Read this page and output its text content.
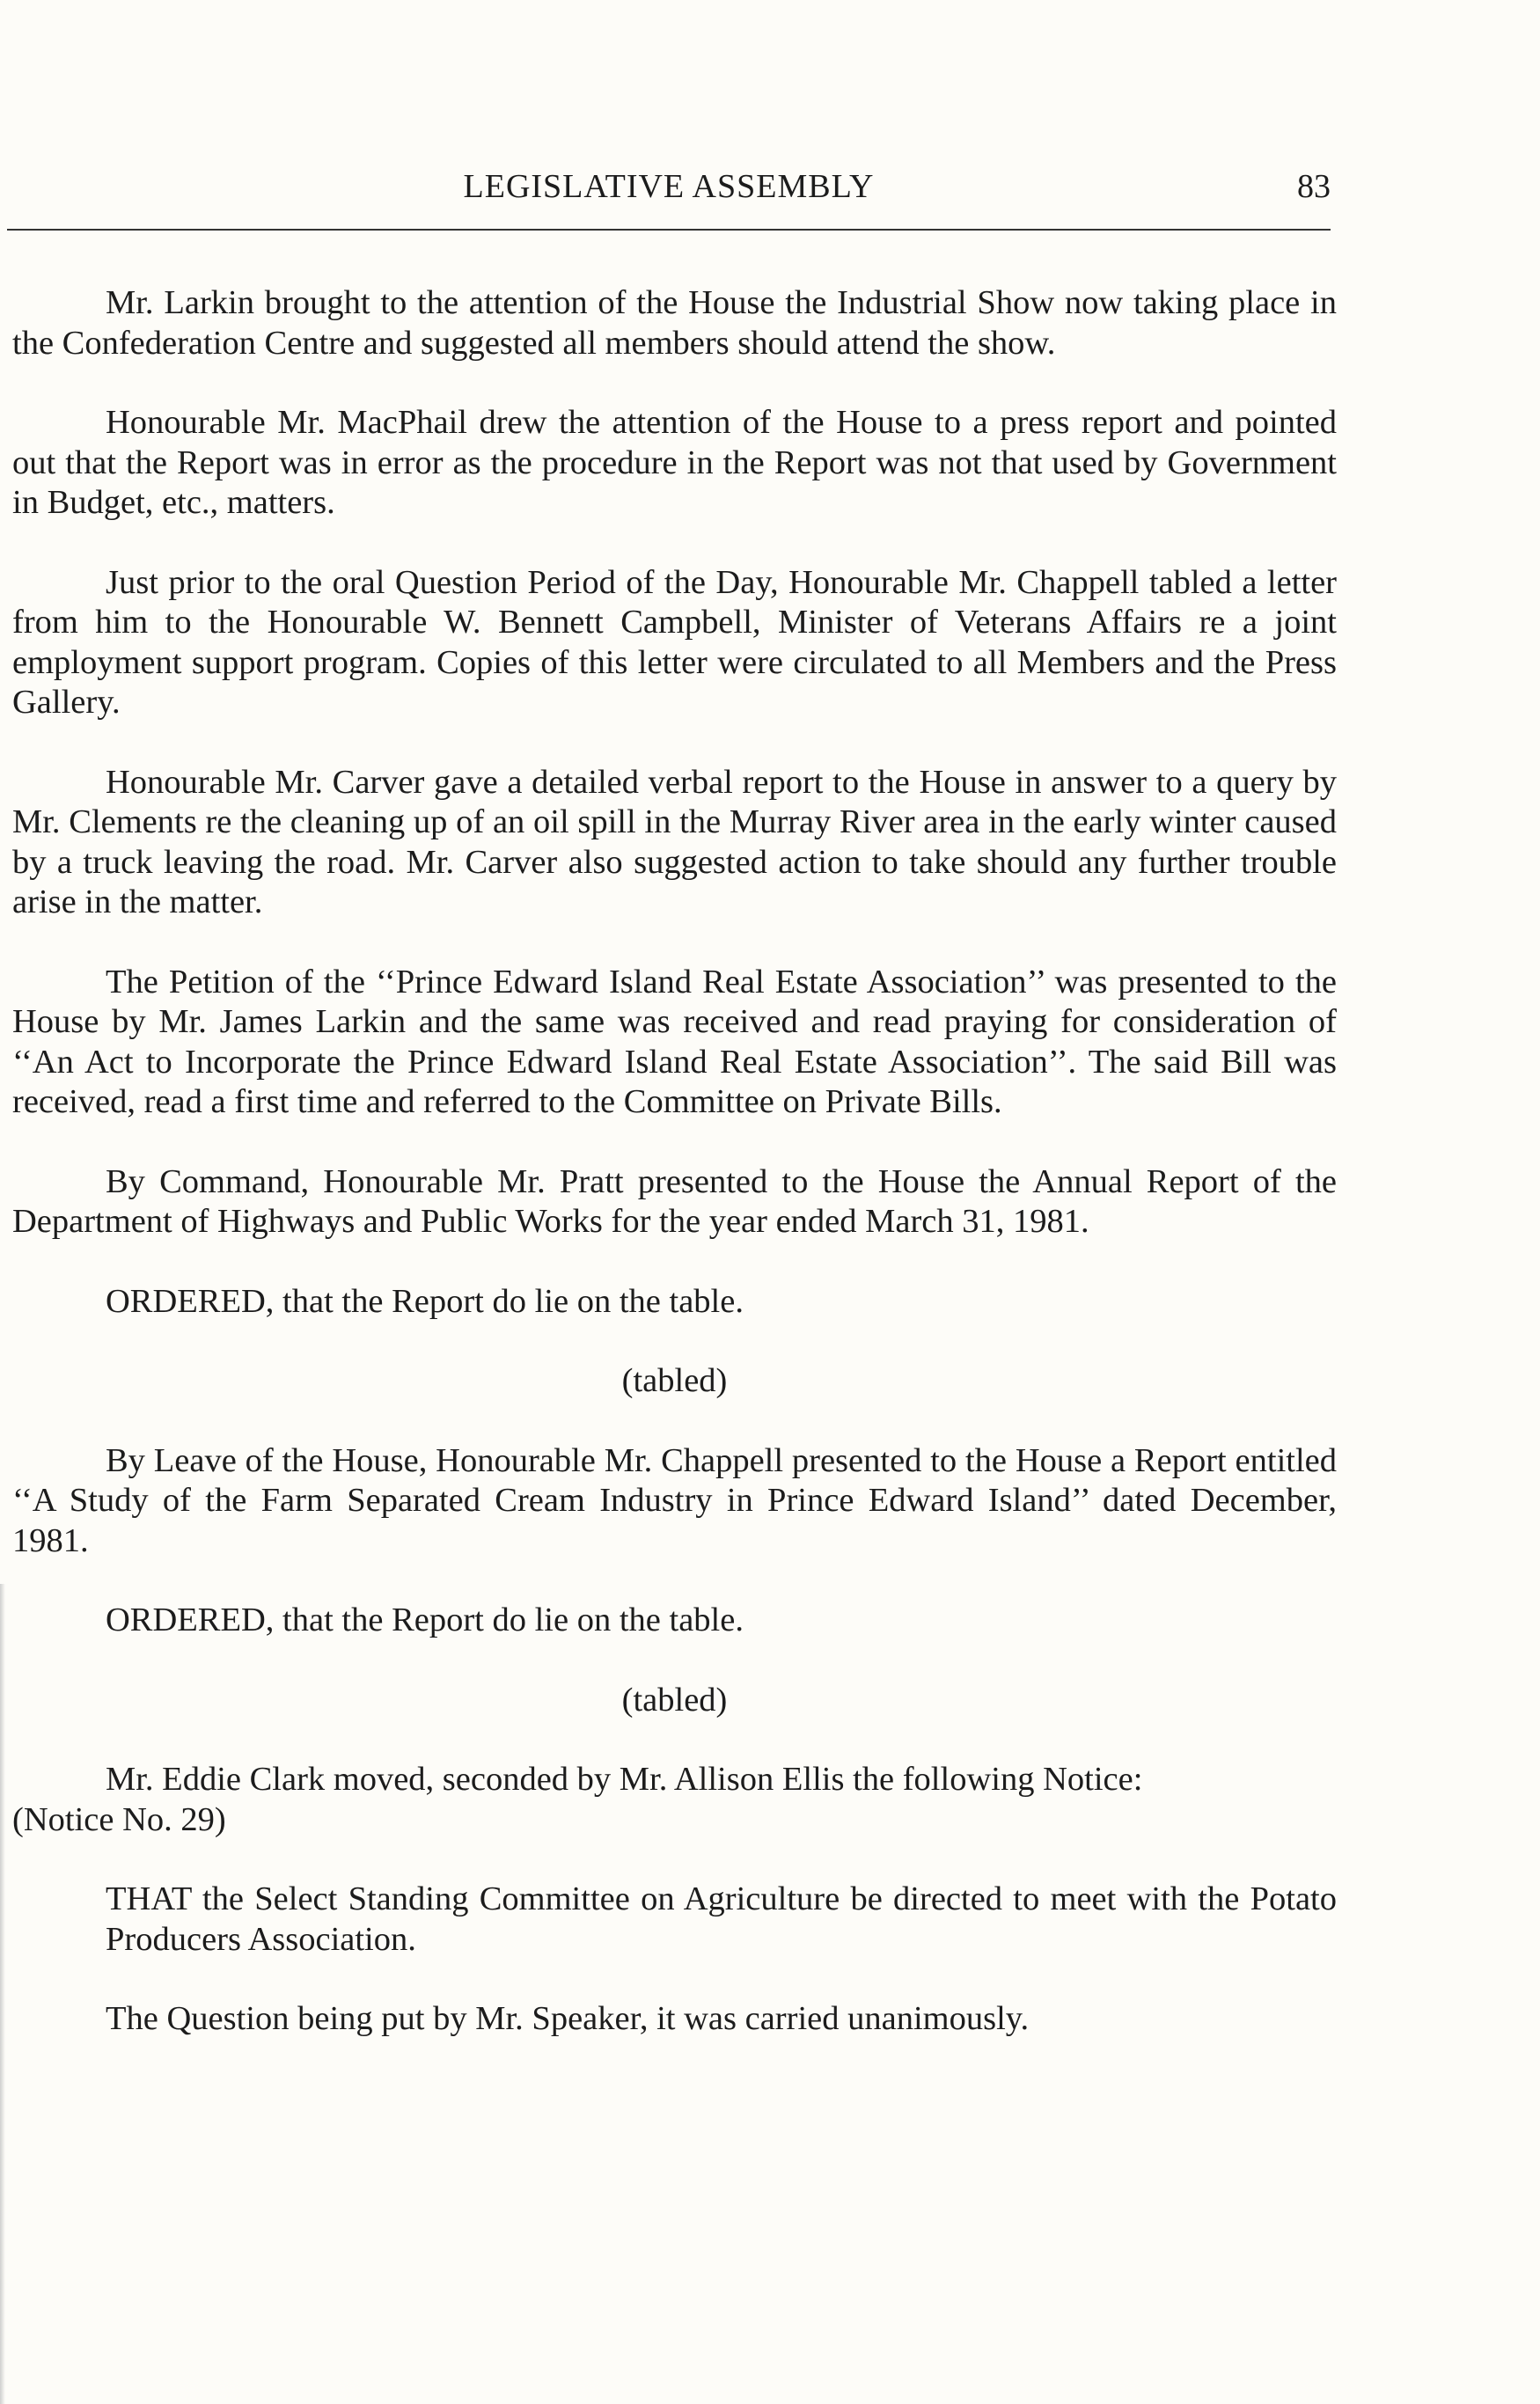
LEGISLATIVE ASSEMBLY	83

Mr. Larkin brought to the attention of the House the Industrial Show now taking place in the Confederation Centre and suggested all members should attend the show.

Honourable Mr. MacPhail drew the attention of the House to a press report and pointed out that the Report was in error as the procedure in the Report was not that used by Government in Budget, etc., matters.

Just prior to the oral Question Period of the Day, Honourable Mr. Chappell tabled a letter from him to the Honourable W. Bennett Campbell, Minister of Veterans Affairs re a joint employment support program. Copies of this letter were circulated to all Members and the Press Gallery.

Honourable Mr. Carver gave a detailed verbal report to the House in answer to a query by Mr. Clements re the cleaning up of an oil spill in the Murray River area in the early winter caused by a truck leaving the road. Mr. Carver also suggested action to take should any further trouble arise in the matter.

The Petition of the ‘‘Prince Edward Island Real Estate Association’’ was presented to the House by Mr. James Larkin and the same was received and read praying for consideration of ‘‘An Act to Incorporate the Prince Edward Island Real Estate Association’’. The said Bill was received, read a first time and referred to the Committee on Private Bills.

By Command, Honourable Mr. Pratt presented to the House the Annual Report of the Department of Highways and Public Works for the year ended March 31, 1981.

ORDERED, that the Report do lie on the table.

(tabled)

By Leave of the House, Honourable Mr. Chappell presented to the House a Report entitled ‘‘A Study of the Farm Separated Cream Industry in Prince Edward Island’’ dated December, 1981.

ORDERED, that the Report do lie on the table.

(tabled)

Mr. Eddie Clark moved, seconded by Mr. Allison Ellis the following Notice:
(Notice No. 29)

THAT the Select Standing Committee on Agriculture be directed to meet with the Potato Producers Association.

The Question being put by Mr. Speaker, it was carried unanimously.
